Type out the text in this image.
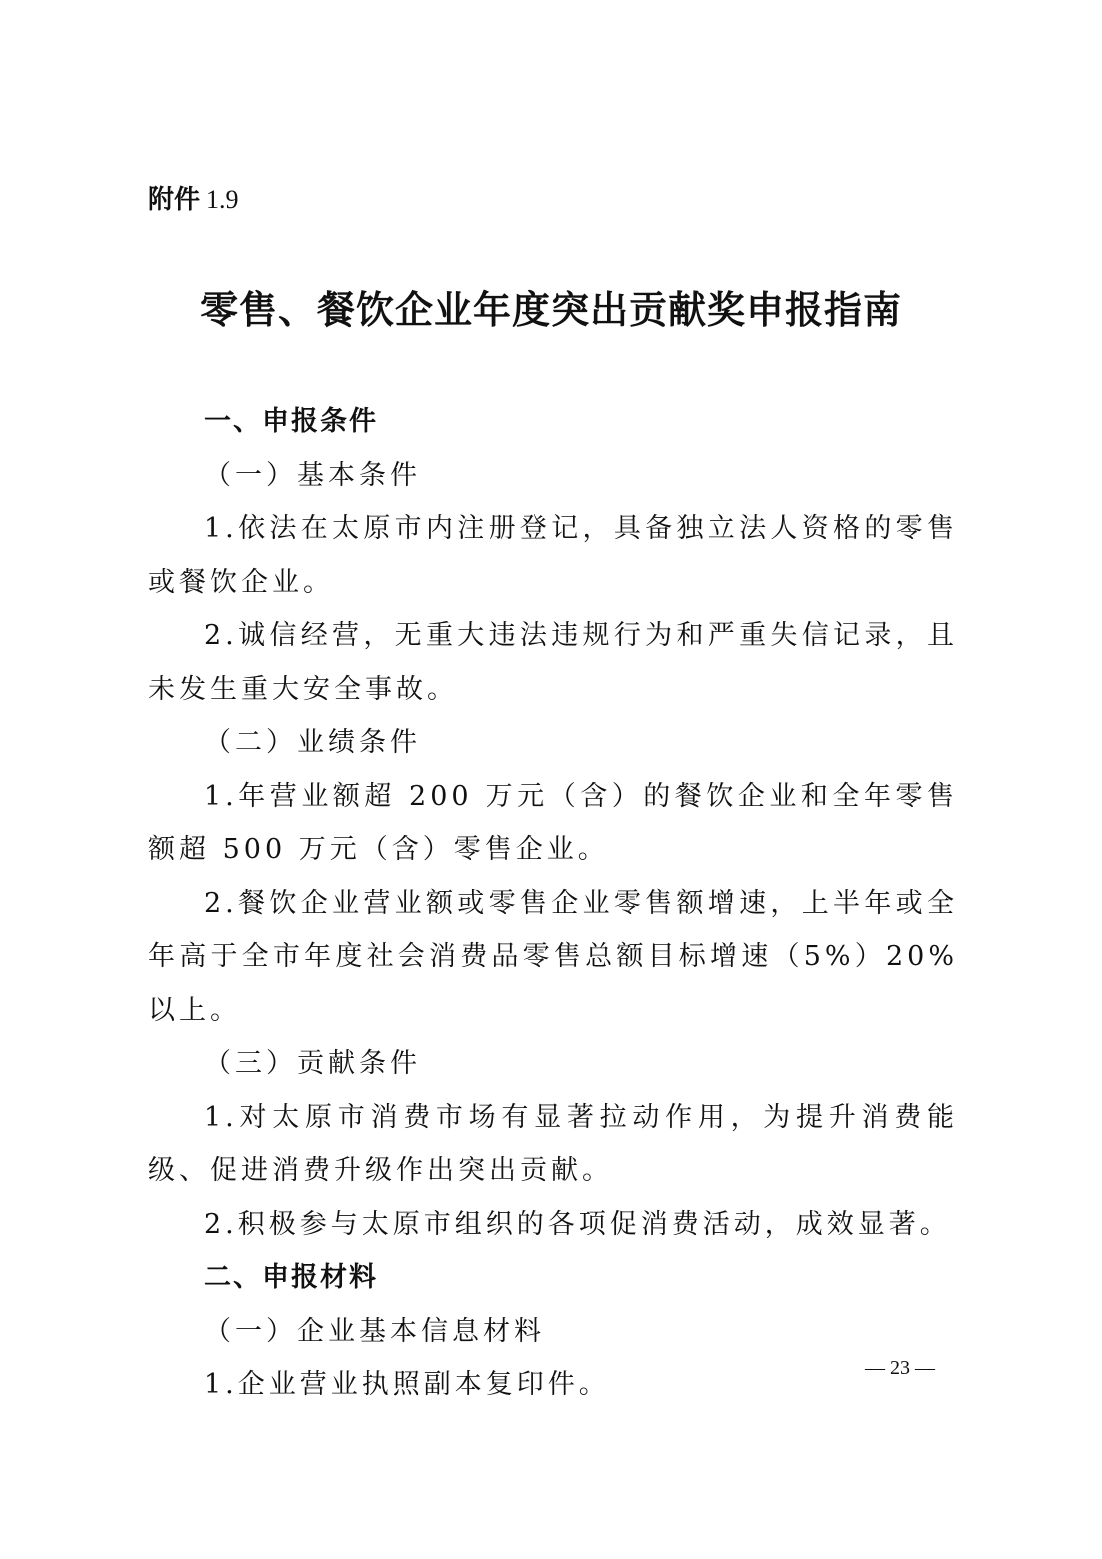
附件 1.9
零售、餐饮企业年度突出贡献奖申报指南

一、申报条件

（一）基本条件

1.依法在太原市内注册登记，具备独立法人资格的零售或餐饮企业。

2.诚信经营，无重大违法违规行为和严重失信记录，且未发生重大安全事故。

（二）业绩条件

1.年营业额超 200 万元（含）的餐饮企业和全年零售额超 500 万元（含）零售企业。

2.餐饮企业营业额或零售企业零售额增速，上半年或全年高于全市年度社会消费品零售总额目标增速（5%）20%以上。

（三）贡献条件

1.对太原市消费市场有显著拉动作用，为提升消费能级、促进消费升级作出突出贡献。

2.积极参与太原市组织的各项促消费活动，成效显著。

二、申报材料

（一）企业基本信息材料

1.企业营业执照副本复印件。

— 23 —
